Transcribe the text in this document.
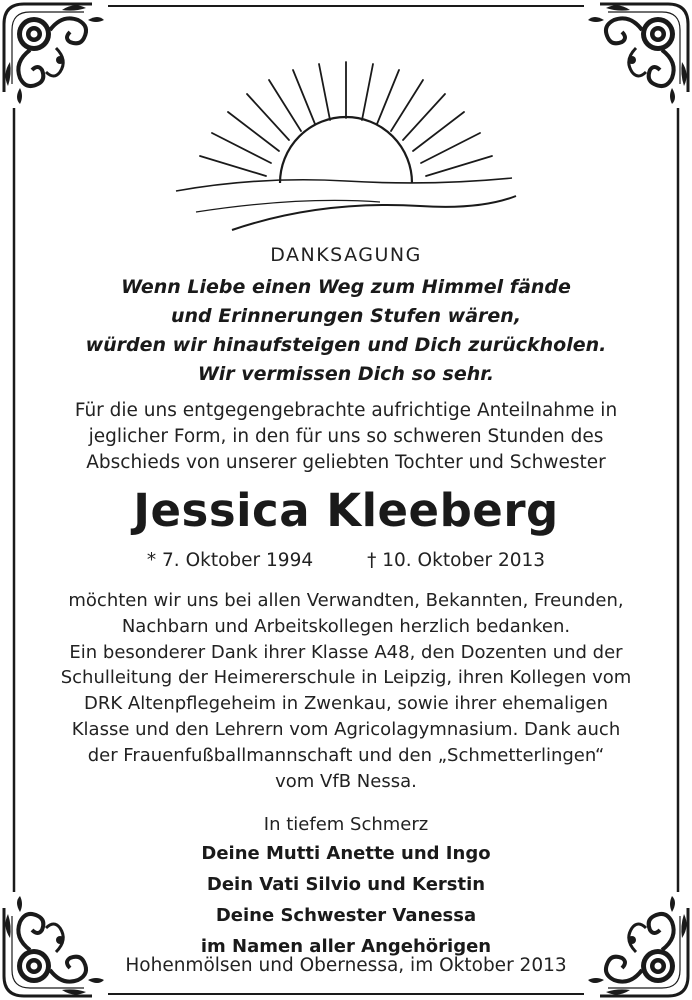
DANKSAGUNG
Wenn Liebe einen Weg zum Himmel fände
und Erinnerungen Stufen wären,
würden wir hinaufsteigen und Dich zurückholen.
Wir vermissen Dich so sehr.
Für die uns entgegengebrachte aufrichtige Anteilnahme in
jeglicher Form, in den für uns so schweren Stunden des
Abschieds von unserer geliebten Tochter und Schwester
Jessica Kleeberg
* 7. Oktober 1994	† 10. Oktober 2013
möchten wir uns bei allen Verwandten, Bekannten, Freunden,
Nachbarn und Arbeitskollegen herzlich bedanken.
Ein besonderer Dank ihrer Klasse A48, den Dozenten und der
Schulleitung der Heimererschule in Leipzig, ihren Kollegen vom
DRK Altenpflegeheim in Zwenkau, sowie ihrer ehemaligen
Klasse und den Lehrern vom Agricolagymnasium. Dank auch
der Frauenfußballmannschaft und den „Schmetterlingen“
vom VfB Nessa.
In tiefem Schmerz
Deine Mutti Anette und Ingo
Dein Vati Silvio und Kerstin
Deine Schwester Vanessa
im Namen aller Angehörigen
Hohenmölsen und Obernessa, im Oktober 2013
